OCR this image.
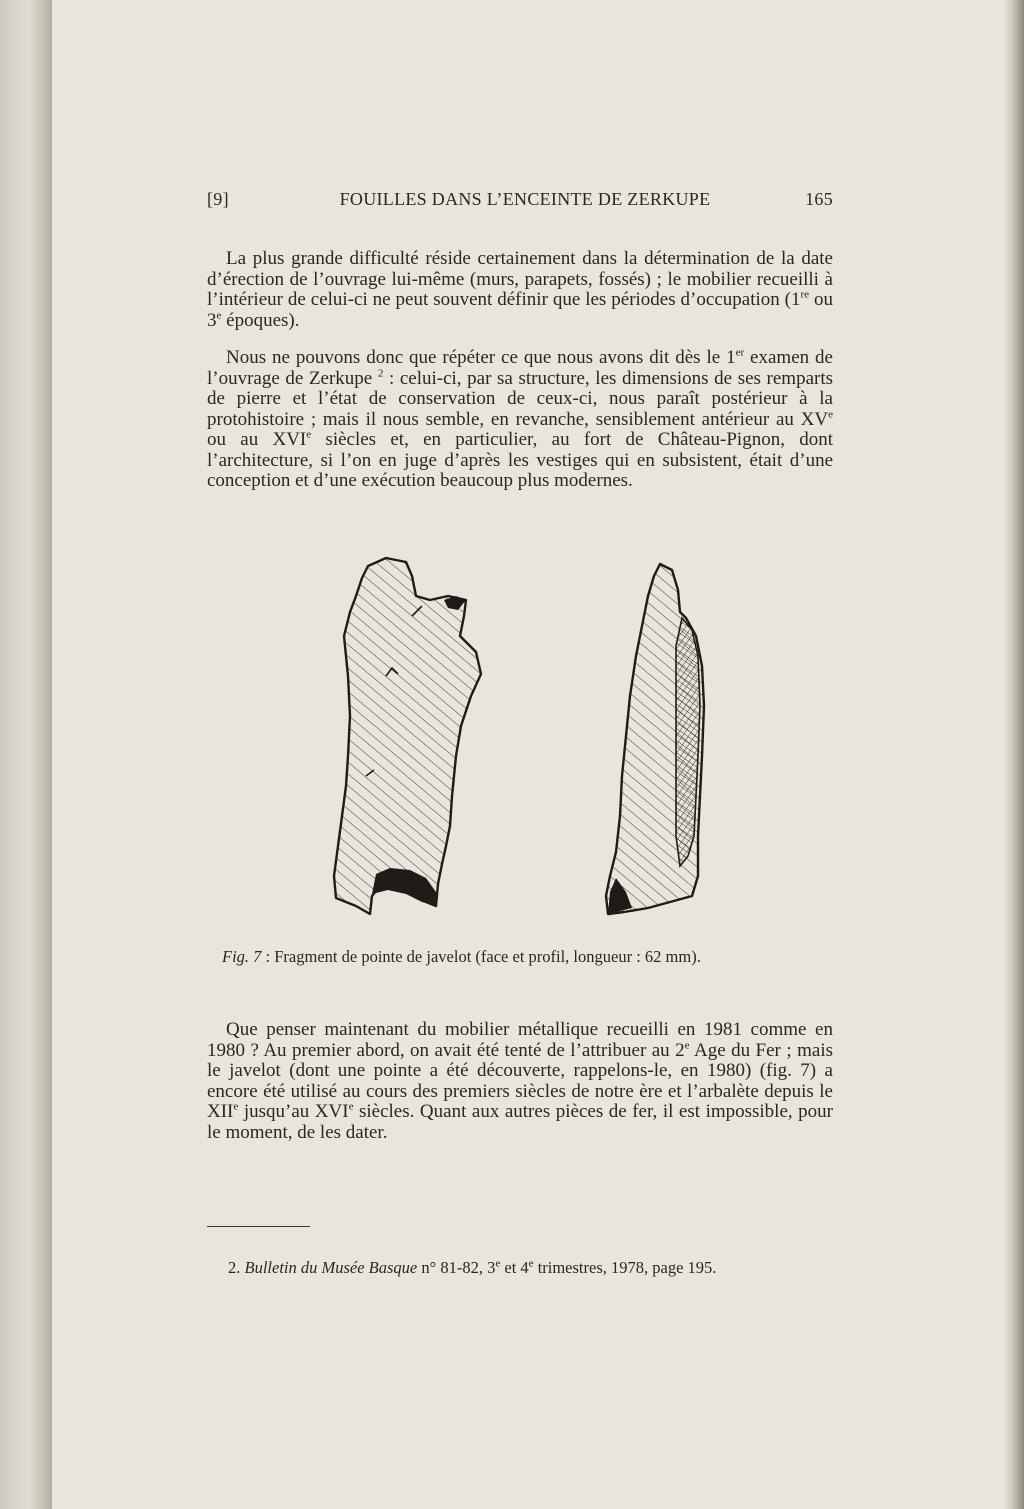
[9]	FOUILLES DANS L’ENCEINTE DE ZERKUPE	165

 La plus grande difficulté réside certainement dans la détermination de la date d’érection de l’ouvrage lui-même (murs, parapets, fossés) ; le mobilier recueilli à l’intérieur de celui-ci ne peut souvent définir que les périodes d’occupation (1re ou 3e époques).

 Nous ne pouvons donc que répéter ce que nous avons dit dès le 1er examen de l’ouvrage de Zerkupe $^2$ : celui-ci, par sa structure, les dimensions de ses remparts de pierre et l’état de conservation de ceux-ci, nous paraît postérieur à la protohistoire ; mais il nous semble, en revanche, sensiblement antérieur au XVe ou au XVIe siècles et, en particulier, au fort de Château-Pignon, dont l’architecture, si l’on en juge d’après les vestiges qui en subsistent, était d’une conception et d’une exécution beaucoup plus modernes.

Fig. 7 : Fragment de pointe de javelot (face et profil, longueur : 62 mm).

 Que penser maintenant du mobilier métallique recueilli en 1981 comme en 1980 ? Au premier abord, on avait été tenté de l’attribuer au 2e Age du Fer ; mais le javelot (dont une pointe a été découverte, rappelons-le, en 1980) (fig. 7) a encore été utilisé au cours des premiers siècles de notre ère et l’arbalète depuis le XIIe jusqu’au XVIe siècles. Quant aux autres pièces de fer, il est impossible, pour le moment, de les dater.

2. Bulletin du Musée Basque n° 81-82, 3e et 4e trimestres, 1978, page 195.
